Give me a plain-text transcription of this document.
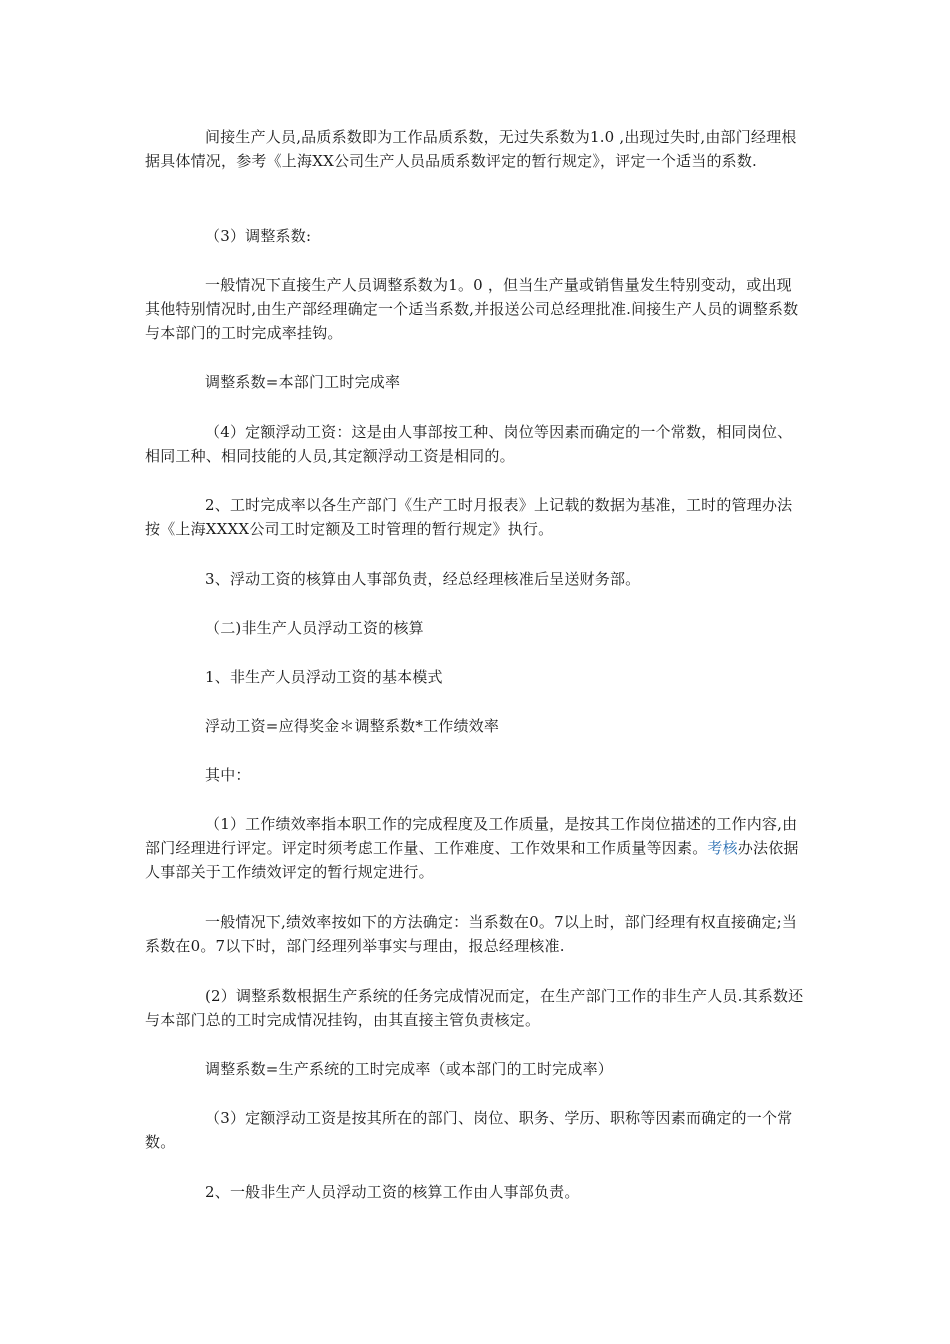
间接生产人员,品质系数即为工作品质系数，无过失系数为1.0 ,出现过失时,由部门经理根据具体情况，参考《上海XX公司生产人员品质系数评定的暂行规定》，评定一个适当的系数.

（3）调整系数:

一般情况下直接生产人员调整系数为1。0 ，但当生产量或销售量发生特别变动，或出现其他特别情况时,由生产部经理确定一个适当系数,并报送公司总经理批准.间接生产人员的调整系数与本部门的工时完成率挂钩。

调整系数=本部门工时完成率

（4）定额浮动工资：这是由人事部按工种、岗位等因素而确定的一个常数，相同岗位、相同工种、相同技能的人员,其定额浮动工资是相同的。

2、工时完成率以各生产部门《生产工时月报表》上记载的数据为基准，工时的管理办法按《上海XXXX公司工时定额及工时管理的暂行规定》执行。

3、浮动工资的核算由人事部负责，经总经理核准后呈送财务部。

（二)非生产人员浮动工资的核算

1、非生产人员浮动工资的基本模式

浮动工资=应得奖金＊调整系数*工作绩效率

其中：

（1）工作绩效率指本职工作的完成程度及工作质量，是按其工作岗位描述的工作内容,由部门经理进行评定。评定时须考虑工作量、工作难度、工作效果和工作质量等因素。考核办法依据人事部关于工作绩效评定的暂行规定进行。

一般情况下,绩效率按如下的方法确定：当系数在0。7以上时，部门经理有权直接确定;当系数在0。7以下时，部门经理列举事实与理由，报总经理核准.

(2）调整系数根据生产系统的任务完成情况而定，在生产部门工作的非生产人员.其系数还与本部门总的工时完成情况挂钩，由其直接主管负责核定。

调整系数=生产系统的工时完成率（或本部门的工时完成率）

（3）定额浮动工资是按其所在的部门、岗位、职务、学历、职称等因素而确定的一个常数。

2、一般非生产人员浮动工资的核算工作由人事部负责。
